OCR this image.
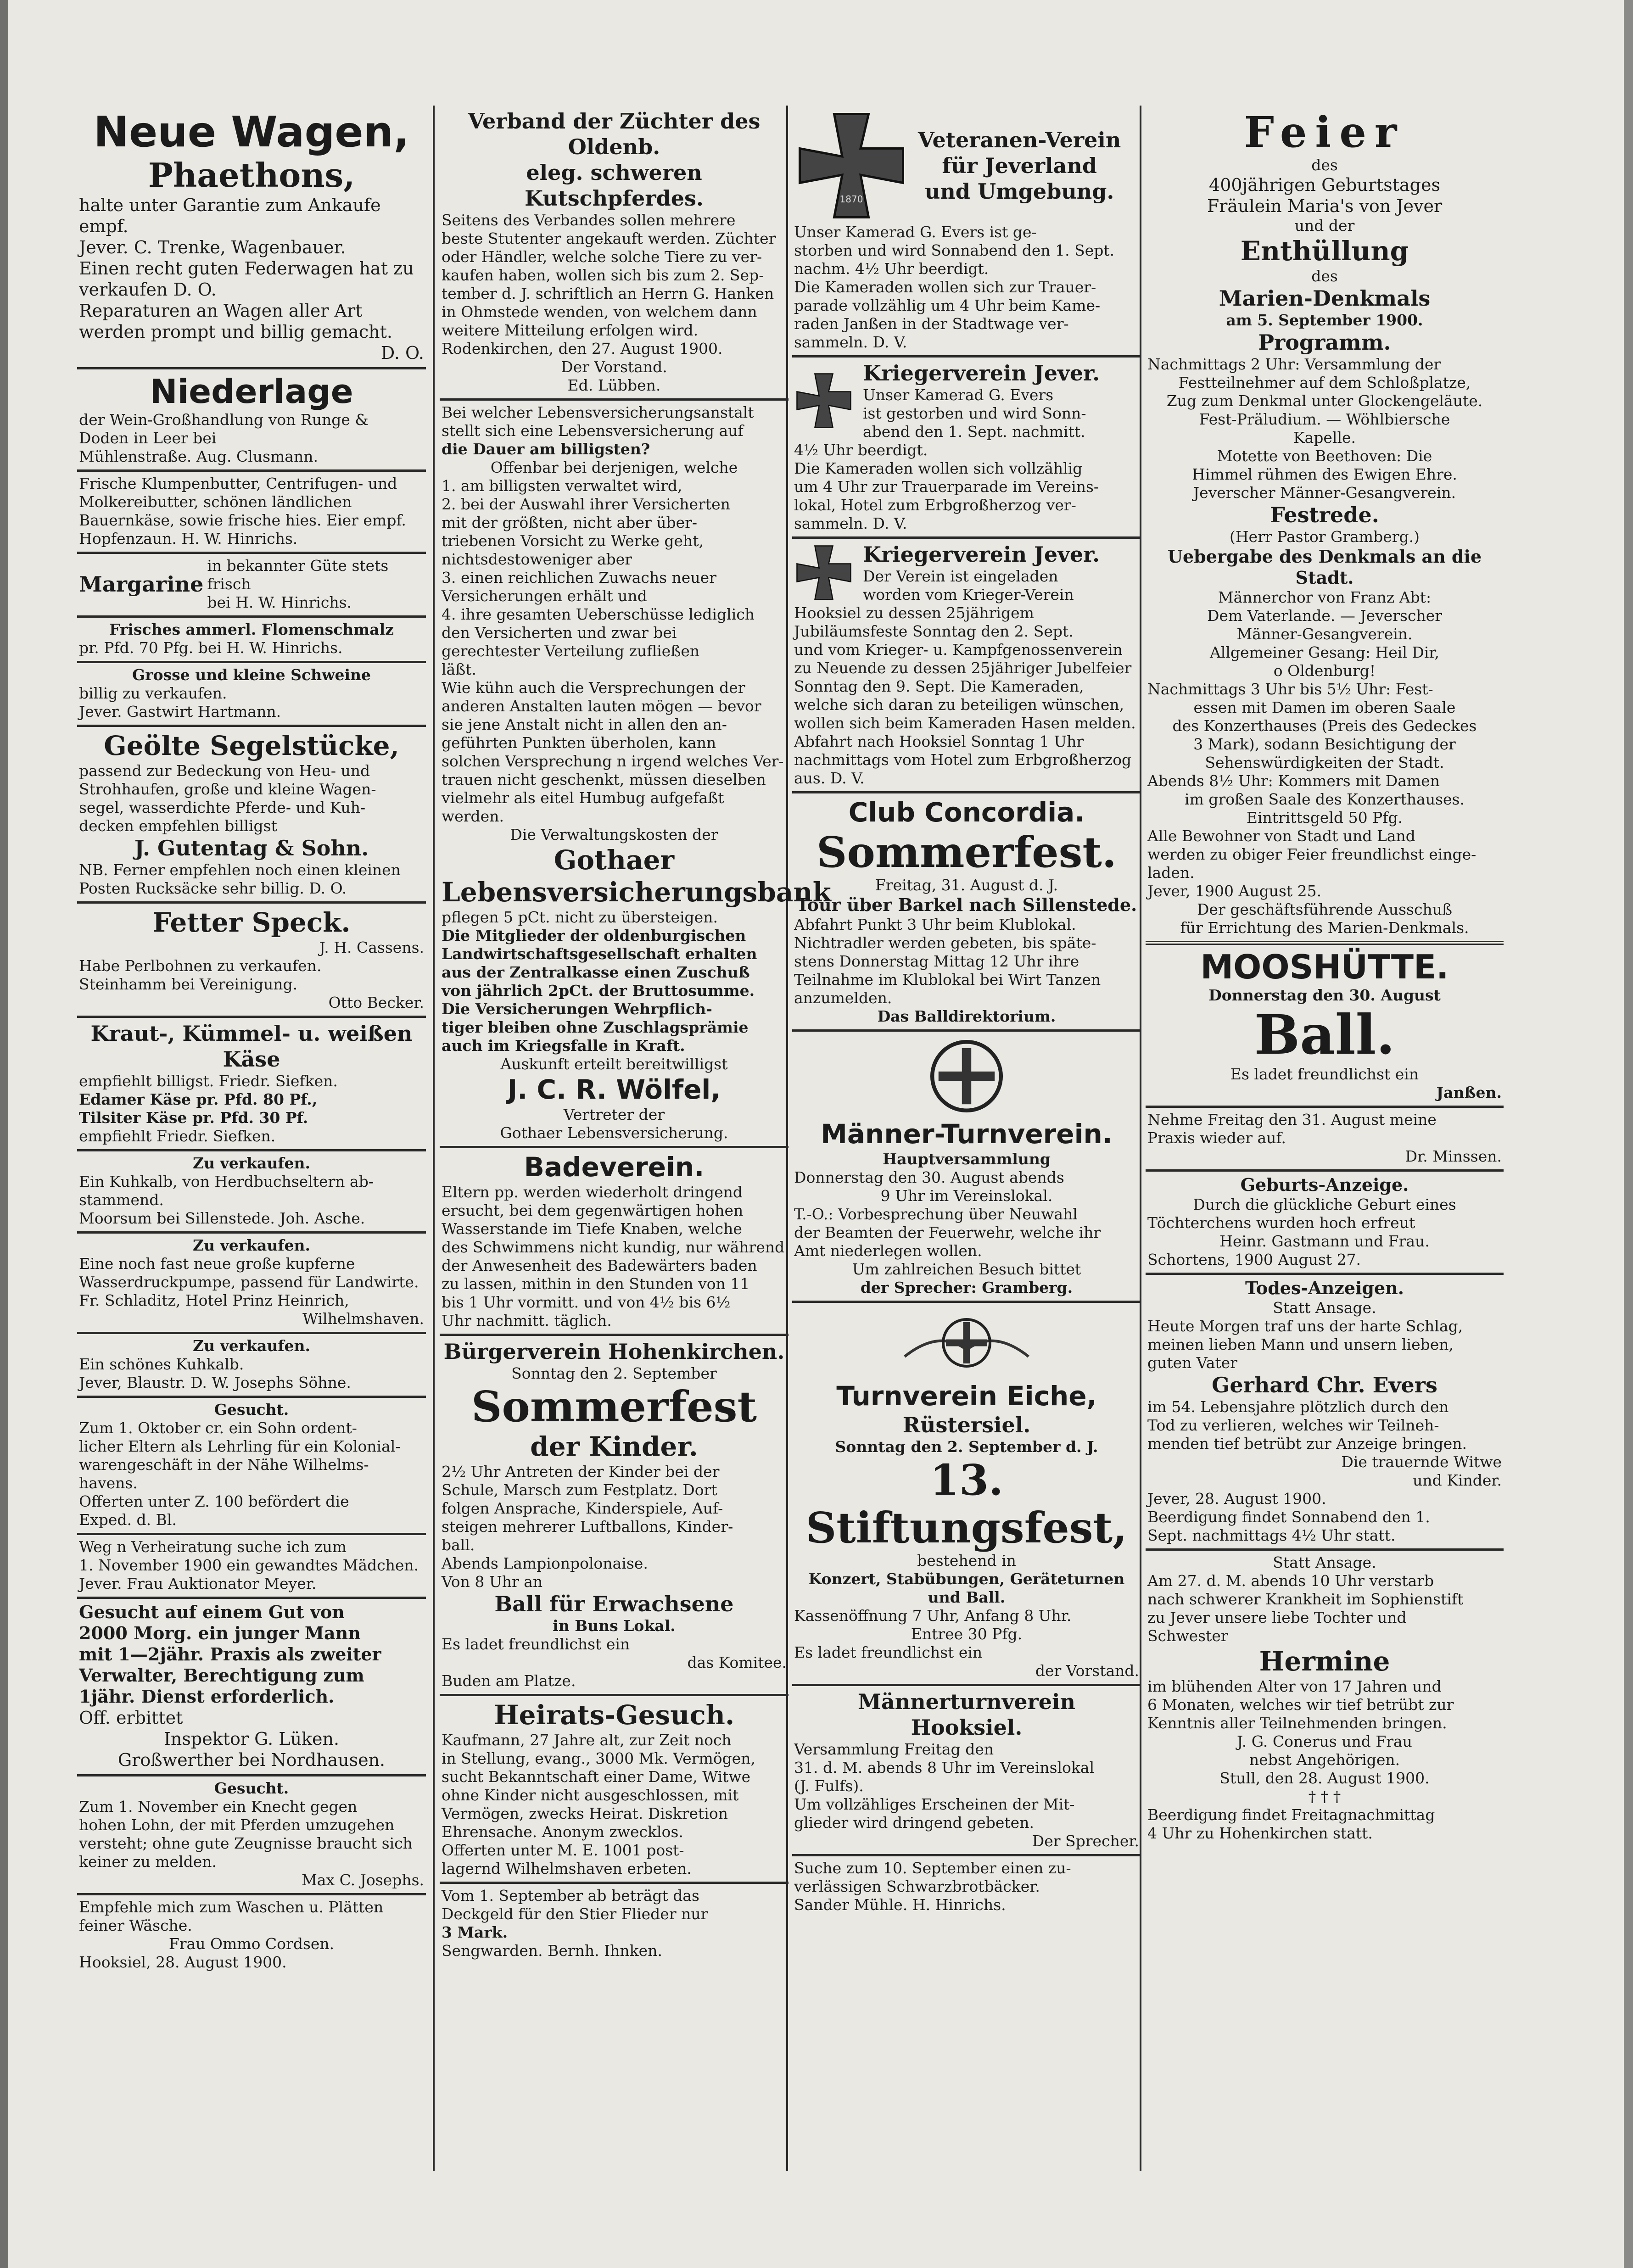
Neue Wagen,

Phaethons,

halte unter Garantie zum Ankaufe empf.

Jever. C. Trenke, Wagenbauer.

Einen recht guten Federwagen hat zu

verkaufen D. O.

Reparaturen an Wagen aller Art

werden prompt und billig gemacht.

D. O.

Niederlage

der Wein-Großhandlung von Runge &

Doden in Leer bei

Mühlenstraße. Aug. Clusmann.

Frische Klumpenbutter, Centrifugen- und

Molkereibutter, schönen ländlichen

Bauernkäse, sowie frische hies. Eier empf.

Hopfenzaun. H. W. Hinrichs.

Margarine

in bekannter Güte stets frisch

bei H. W. Hinrichs.

Frisches ammerl. Flomenschmalz

pr. Pfd. 70 Pfg. bei H. W. Hinrichs.

Grosse und kleine Schweine

billig zu verkaufen.

Jever. Gastwirt Hartmann.

Geölte Segelstücke,

passend zur Bedeckung von Heu- und

Strohhaufen, große und kleine Wagen-

segel, wasserdichte Pferde- und Kuh-

decken empfehlen billigst

J. Gutentag & Sohn.

NB. Ferner empfehlen noch einen kleinen

Posten Rucksäcke sehr billig. D. O.

Fetter Speck.

J. H. Cassens.

Habe Perlbohnen zu verkaufen.

Steinhamm bei Vereinigung.

Otto Becker.

Kraut-, Kümmel- u. weißen Käse

empfiehlt billigst. Friedr. Siefken.

Edamer Käse pr. Pfd. 80 Pf.,

Tilsiter Käse pr. Pfd. 30 Pf.

empfiehlt Friedr. Siefken.

Zu verkaufen.

Ein Kuhkalb, von Herdbuchseltern ab-

stammend.

Moorsum bei Sillenstede. Joh. Asche.

Zu verkaufen.

Eine noch fast neue große kupferne

Wasserdruckpumpe, passend für Landwirte.

Fr. Schladitz, Hotel Prinz Heinrich,

Wilhelmshaven.

Zu verkaufen.

Ein schönes Kuhkalb.

Jever, Blaustr. D. W. Josephs Söhne.

Gesucht.

Zum 1. Oktober cr. ein Sohn ordent-

licher Eltern als Lehrling für ein Kolonial-

warengeschäft in der Nähe Wilhelms-

havens.

Offerten unter Z. 100 befördert die

Exped. d. Bl.

Weg n Verheiratung suche ich zum

1. November 1900 ein gewandtes Mädchen.

Jever. Frau Auktionator Meyer.

Gesucht auf einem Gut von

2000 Morg. ein junger Mann

mit 1—2jähr. Praxis als zweiter

Verwalter, Berechtigung zum

1jähr. Dienst erforderlich.

Off. erbittet

Inspektor G. Lüken.

Großwerther bei Nordhausen.

Gesucht.

Zum 1. November ein Knecht gegen

hohen Lohn, der mit Pferden umzugehen

versteht; ohne gute Zeugnisse braucht sich

keiner zu melden.

Max C. Josephs.

Empfehle mich zum Waschen u. Plätten

feiner Wäsche.

Frau Ommo Cordsen.

Hooksiel, 28. August 1900.

Verband der Züchter des Oldenb.

eleg. schweren Kutschpferdes.

Seitens des Verbandes sollen mehrere

beste Stutenter angekauft werden. Züchter

oder Händler, welche solche Tiere zu ver-

kaufen haben, wollen sich bis zum 2. Sep-

tember d. J. schriftlich an Herrn G. Hanken

in Ohmstede wenden, von welchem dann

weitere Mitteilung erfolgen wird.

Rodenkirchen, den 27. August 1900.

Der Vorstand.

Ed. Lübben.

Bei welcher Lebensversicherungsanstalt

stellt sich eine Lebensversicherung auf

die Dauer am billigsten?

Offenbar bei derjenigen, welche

1. am billigsten verwaltet wird,

2. bei der Auswahl ihrer Versicherten

mit der größten, nicht aber über-

triebenen Vorsicht zu Werke geht,

nichtsdestoweniger aber

3. einen reichlichen Zuwachs neuer

Versicherungen erhält und

4. ihre gesamten Ueberschüsse lediglich

den Versicherten und zwar bei

gerechtester Verteilung zufließen

läßt.

Wie kühn auch die Versprechungen der

anderen Anstalten lauten mögen — bevor

sie jene Anstalt nicht in allen den an-

geführten Punkten überholen, kann

solchen Versprechung n irgend welches Ver-

trauen nicht geschenkt, müssen dieselben

vielmehr als eitel Humbug aufgefaßt

werden.

Die Verwaltungskosten der

Gothaer

Lebensversicherungsbank

pflegen 5 pCt. nicht zu übersteigen.

Die Mitglieder der oldenburgischen

Landwirtschaftsgesellschaft erhalten

aus der Zentralkasse einen Zuschuß

von jährlich 2pCt. der Bruttosumme.

Die Versicherungen Wehrpflich-

tiger bleiben ohne Zuschlagsprämie

auch im Kriegsfalle in Kraft.

Auskunft erteilt bereitwilligst

J. C. R. Wölfel,

Vertreter der

Gothaer Lebensversicherung.

Badeverein.

Eltern pp. werden wiederholt dringend

ersucht, bei dem gegenwärtigen hohen

Wasserstande im Tiefe Knaben, welche

des Schwimmens nicht kundig, nur während

der Anwesenheit des Badewärters baden

zu lassen, mithin in den Stunden von 11

bis 1 Uhr vormitt. und von 4½ bis 6½

Uhr nachmitt. täglich.

Bürgerverein Hohenkirchen.

Sonntag den 2. September

Sommerfest

der Kinder.

2½ Uhr Antreten der Kinder bei der

Schule, Marsch zum Festplatz. Dort

folgen Ansprache, Kinderspiele, Auf-

steigen mehrerer Luftballons, Kinder-

ball.

Abends Lampionpolonaise.

Von 8 Uhr an

Ball für Erwachsene

in Buns Lokal.

Es ladet freundlichst ein

das Komitee.

Buden am Platze.

Heirats-Gesuch.

Kaufmann, 27 Jahre alt, zur Zeit noch

in Stellung, evang., 3000 Mk. Vermögen,

sucht Bekanntschaft einer Dame, Witwe

ohne Kinder nicht ausgeschlossen, mit

Vermögen, zwecks Heirat. Diskretion

Ehrensache. Anonym zwecklos.

Offerten unter M. E. 1001 post-

lagernd Wilhelmshaven erbeten.

Vom 1. September ab beträgt das

Deckgeld für den Stier Flieder nur

3 Mark.

Sengwarden. Bernh. Ihnken.

1870

Veteranen-Verein

für Jeverland

und Umgebung.

Unser Kamerad G. Evers ist ge-

storben und wird Sonnabend den 1. Sept.

nachm. 4½ Uhr beerdigt.

Die Kameraden wollen sich zur Trauer-

parade vollzählig um 4 Uhr beim Kame-

raden Janßen in der Stadtwage ver-

sammeln. D. V.

Kriegerverein Jever.

Unser Kamerad G. Evers

ist gestorben und wird Sonn-

abend den 1. Sept. nachmitt.

4½ Uhr beerdigt.

Die Kameraden wollen sich vollzählig

um 4 Uhr zur Trauerparade im Vereins-

lokal, Hotel zum Erbgroßherzog ver-

sammeln. D. V.

Kriegerverein Jever.

Der Verein ist eingeladen

worden vom Krieger-Verein

Hooksiel zu dessen 25jährigem

Jubiläumsfeste Sonntag den 2. Sept.

und vom Krieger- u. Kampfgenossenverein

zu Neuende zu dessen 25jähriger Jubelfeier

Sonntag den 9. Sept. Die Kameraden,

welche sich daran zu beteiligen wünschen,

wollen sich beim Kameraden Hasen melden.

Abfahrt nach Hooksiel Sonntag 1 Uhr

nachmittags vom Hotel zum Erbgroßherzog

aus. D. V.

Club Concordia.

Sommerfest.

Freitag, 31. August d. J.

Tour über Barkel nach Sillenstede.

Abfahrt Punkt 3 Uhr beim Klublokal.

Nichtradler werden gebeten, bis späte-

stens Donnerstag Mittag 12 Uhr ihre

Teilnahme im Klublokal bei Wirt Tanzen

anzumelden.

Das Balldirektorium.

Männer-Turnverein.

Hauptversammlung

Donnerstag den 30. August abends

9 Uhr im Vereinslokal.

T.-O.: Vorbesprechung über Neuwahl

der Beamten der Feuerwehr, welche ihr

Amt niederlegen wollen.

Um zahlreichen Besuch bittet

der Sprecher: Gramberg.

Turnverein Eiche,

Rüstersiel.

Sonntag den 2. September d. J.

13. Stiftungsfest,

bestehend in

Konzert, Stabübungen, Geräteturnen

und Ball.

Kassenöffnung 7 Uhr, Anfang 8 Uhr.

Entree 30 Pfg.

Es ladet freundlichst ein

der Vorstand.

Männerturnverein

Hooksiel.

Versammlung Freitag den

31. d. M. abends 8 Uhr im Vereinslokal

(J. Fulfs).

Um vollzähliges Erscheinen der Mit-

glieder wird dringend gebeten.

Der Sprecher.

Suche zum 10. September einen zu-

verlässigen Schwarzbrotbäcker.

Sander Mühle. H. Hinrichs.

Feier

des

400jährigen Geburtstages

Fräulein Maria's von Jever

und der

Enthüllung

des

Marien-Denkmals

am 5. September 1900.

Programm.

Nachmittags 2 Uhr: Versammlung der

Festteilnehmer auf dem Schloßplatze,

Zug zum Denkmal unter Glockengeläute.

Fest-Präludium. — Wöhlbiersche

Kapelle.

Motette von Beethoven: Die

Himmel rühmen des Ewigen Ehre.

Jeverscher Männer-Gesangverein.

Festrede.

(Herr Pastor Gramberg.)

Uebergabe des Denkmals an die Stadt.

Männerchor von Franz Abt:

Dem Vaterlande. — Jeverscher

Männer-Gesangverein.

Allgemeiner Gesang: Heil Dir,

o Oldenburg!

Nachmittags 3 Uhr bis 5½ Uhr: Fest-

essen mit Damen im oberen Saale

des Konzerthauses (Preis des Gedeckes

3 Mark), sodann Besichtigung der

Sehenswürdigkeiten der Stadt.

Abends 8½ Uhr: Kommers mit Damen

im großen Saale des Konzerthauses.

Eintrittsgeld 50 Pfg.

Alle Bewohner von Stadt und Land

werden zu obiger Feier freundlichst einge-

laden.

Jever, 1900 August 25.

Der geschäftsführende Ausschuß

für Errichtung des Marien-Denkmals.

MOOSHÜTTE.

Donnerstag den 30. August

Ball.

Es ladet freundlichst ein

Janßen.

Nehme Freitag den 31. August meine

Praxis wieder auf.

Dr. Minssen.

Geburts-Anzeige.

Durch die glückliche Geburt eines

Töchterchens wurden hoch erfreut

Heinr. Gastmann und Frau.

Schortens, 1900 August 27.

Todes-Anzeigen.

Statt Ansage.

Heute Morgen traf uns der harte Schlag,

meinen lieben Mann und unsern lieben,

guten Vater

Gerhard Chr. Evers

im 54. Lebensjahre plötzlich durch den

Tod zu verlieren, welches wir Teilneh-

menden tief betrübt zur Anzeige bringen.

Die trauernde Witwe

und Kinder.

Jever, 28. August 1900.

Beerdigung findet Sonnabend den 1.

Sept. nachmittags 4½ Uhr statt.

Statt Ansage.

Am 27. d. M. abends 10 Uhr verstarb

nach schwerer Krankheit im Sophienstift

zu Jever unsere liebe Tochter und

Schwester

Hermine

im blühenden Alter von 17 Jahren und

6 Monaten, welches wir tief betrübt zur

Kenntnis aller Teilnehmenden bringen.

J. G. Conerus und Frau

nebst Angehörigen.

Stull, den 28. August 1900.

† † †

Beerdigung findet Freitagnachmittag

4 Uhr zu Hohenkirchen statt.
